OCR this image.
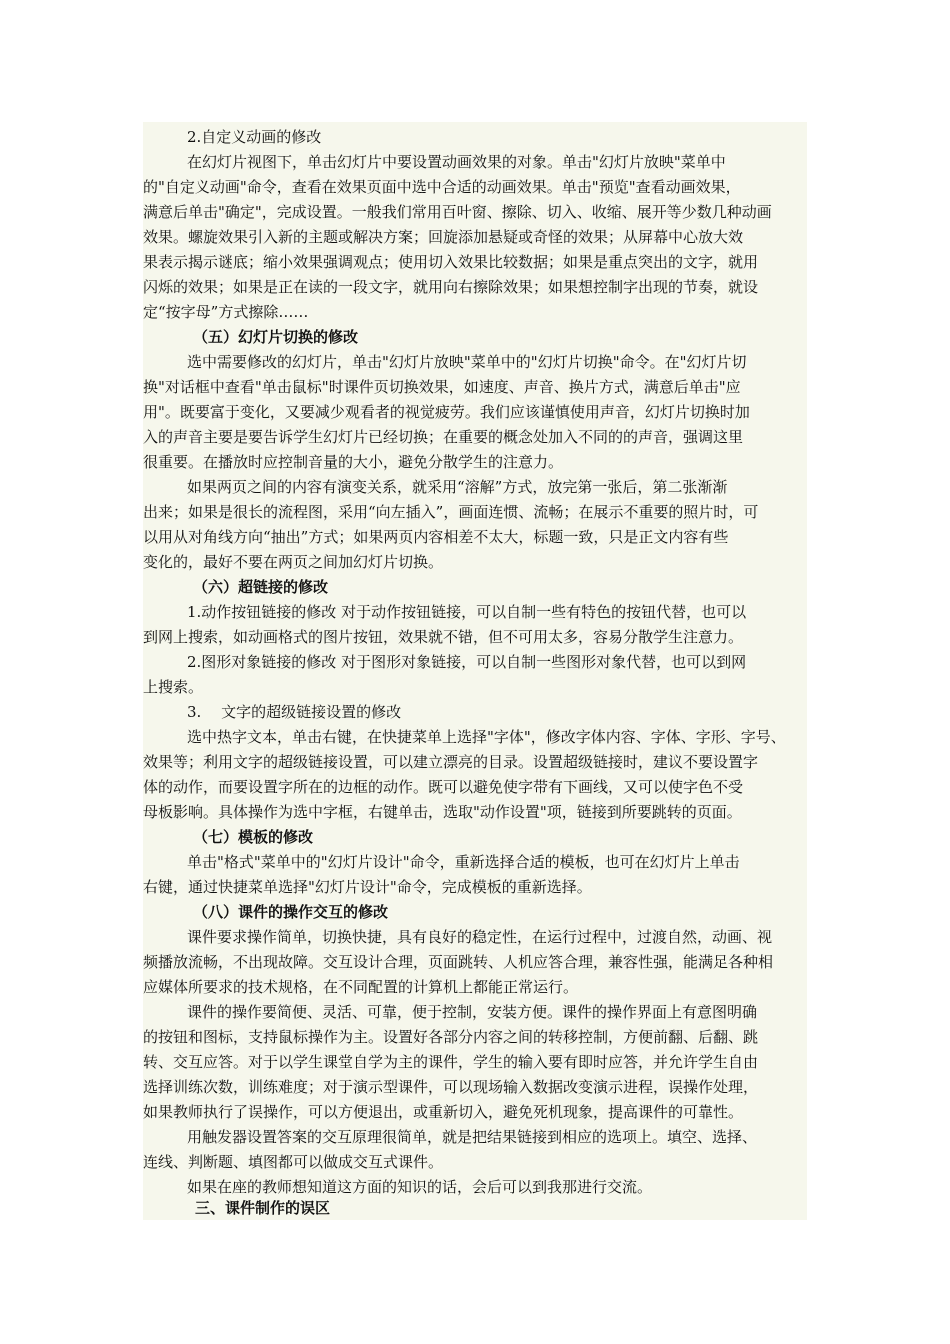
2.自定义动画的修改
在幻灯片视图下，单击幻灯片中要设置动画效果的对象。单击"幻灯片放映"菜单中
的"自定义动画"命令，查看在效果页面中选中合适的动画效果。单击"预览"查看动画效果，
满意后单击"确定"，完成设置。一般我们常用百叶窗、擦除、切入、收缩、展开等少数几种动画
效果。螺旋效果引入新的主题或解决方案；回旋添加悬疑或奇怪的效果；从屏幕中心放大效
果表示揭示谜底；缩小效果强调观点；使用切入效果比较数据；如果是重点突出的文字，就用
闪烁的效果；如果是正在读的一段文字，就用向右擦除效果；如果想控制字出现的节奏，就设
定“按字母”方式擦除……
（五）幻灯片切换的修改
选中需要修改的幻灯片，单击"幻灯片放映"菜单中的"幻灯片切换"命令。在"幻灯片切
换"对话框中查看"单击鼠标"时课件页切换效果，如速度、声音、换片方式，满意后单击"应
用"。既要富于变化，又要减少观看者的视觉疲劳。我们应该谨慎使用声音，幻灯片切换时加
入的声音主要是要告诉学生幻灯片已经切换；在重要的概念处加入不同的的声音，强调这里
很重要。在播放时应控制音量的大小，避免分散学生的注意力。
如果两页之间的内容有演变关系，就采用“溶解”方式，放完第一张后，第二张渐渐
出来；如果是很长的流程图，采用“向左插入”，画面连惯、流畅；在展示不重要的照片时，可
以用从对角线方向“抽出”方式；如果两页内容相差不太大，标题一致，只是正文内容有些
变化的，最好不要在两页之间加幻灯片切换。
（六）超链接的修改
1.动作按钮链接的修改 对于动作按钮链接，可以自制一些有特色的按钮代替，也可以
到网上搜索，如动画格式的图片按钮，效果就不错，但不可用太多，容易分散学生注意力。
2.图形对象链接的修改 对于图形对象链接，可以自制一些图形对象代替，也可以到网
上搜索。
3.　 文字的超级链接设置的修改
选中热字文本，单击右键，在快捷菜单上选择"字体"，修改字体内容、字体、字形、字号、
效果等；利用文字的超级链接设置，可以建立漂亮的目录。设置超级链接时，建议不要设置字
体的动作，而要设置字所在的边框的动作。既可以避免使字带有下画线，又可以使字色不受
母板影响。具体操作为选中字框，右键单击，选取"动作设置"项，链接到所要跳转的页面。
（七）模板的修改
单击"格式"菜单中的"幻灯片设计"命令，重新选择合适的模板，也可在幻灯片上单击
右键，通过快捷菜单选择"幻灯片设计"命令，完成模板的重新选择。
（八）课件的操作交互的修改
课件要求操作简单，切换快捷，具有良好的稳定性，在运行过程中，过渡自然，动画、视
频播放流畅，不出现故障。交互设计合理，页面跳转、人机应答合理，兼容性强，能满足各种相
应媒体所要求的技术规格，在不同配置的计算机上都能正常运行。
课件的操作要简便、灵活、可靠，便于控制，安装方便。课件的操作界面上有意图明确
的按钮和图标，支持鼠标操作为主。设置好各部分内容之间的转移控制，方便前翻、后翻、跳
转、交互应答。对于以学生课堂自学为主的课件，学生的输入要有即时应答，并允许学生自由
选择训练次数，训练难度；对于演示型课件，可以现场输入数据改变演示进程，误操作处理，
如果教师执行了误操作，可以方便退出，或重新切入，避免死机现象，提高课件的可靠性。
用触发器设置答案的交互原理很简单，就是把结果链接到相应的选项上。填空、选择、
连线、判断题、填图都可以做成交互式课件。
如果在座的教师想知道这方面的知识的话，会后可以到我那进行交流。
三、课件制作的误区
